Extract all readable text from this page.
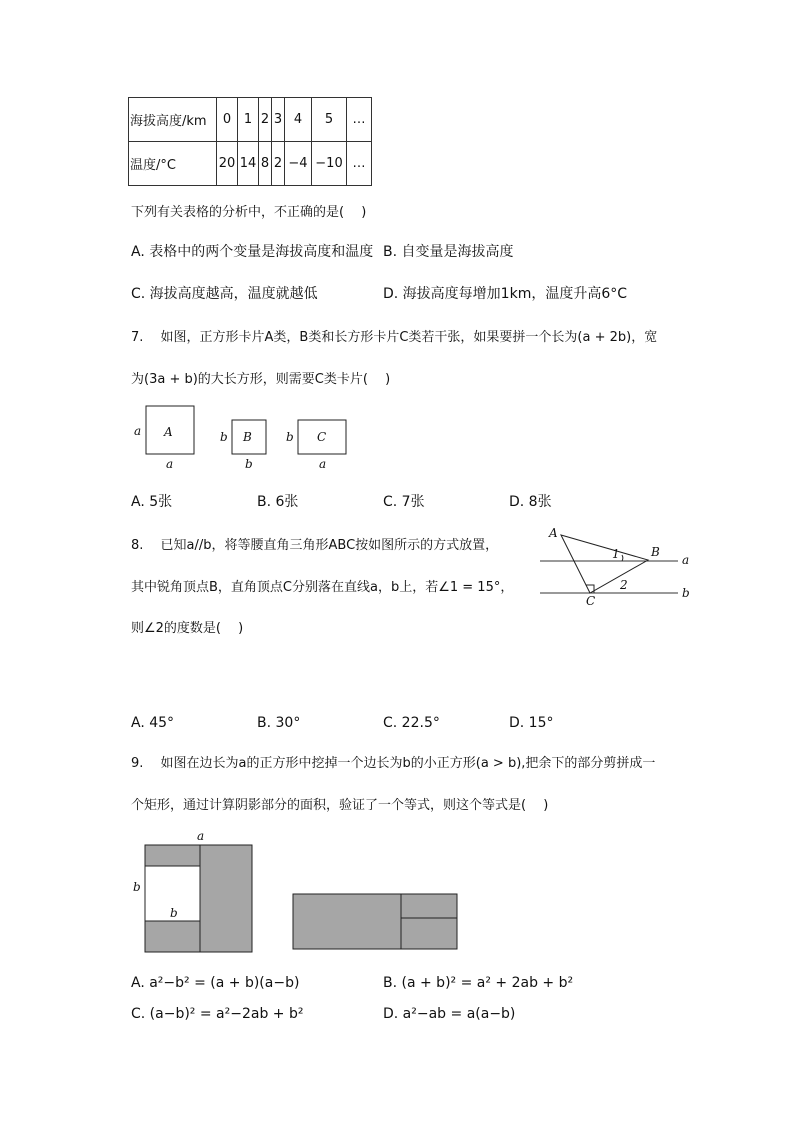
海拔高度/km	0	1	2	3	4	5	…
温度/°C	20	14	8	2	−4	−10	…
下列有关表格的分析中，不正确的是(　 )
A. 表格中的两个变量是海拔高度和温度 B. 自变量是海拔高度
C. 海拔高度越高，温度就越低	D. 海拔高度每增加1km，温度升高6°C
7.　 如图，正方形卡片A类，B类和长方形卡片C类若干张，如果要拼一个长为(a + 2b)，宽
为(3a + b)的大长方形，则需要C类卡片(　 )
a A
a
b B
b
b C
a
A. 5张	B. 6张	C. 7张	D. 8张
8.　 已知a//b，将等腰直角三角形ABC按如图所示的方式放置，
其中锐角顶点B，直角顶点C分别落在直线a，b上，若∠1 = 15°，
则∠2的度数是(　 )
A
B
C
1
2
a
b
A. 45°	B. 30°	C. 22.5°	D. 15°
9.　 如图在边长为a的正方形中挖掉一个边长为b的小正方形(a > b),把余下的部分剪拼成一
个矩形，通过计算阴影部分的面积，验证了一个等式，则这个等式是(　 )
a
b
b
A. a²−b² = (a + b)(a−b)	B. (a + b)² = a² + 2ab + b²
C. (a−b)² = a²−2ab + b²	D. a²−ab = a(a−b)
